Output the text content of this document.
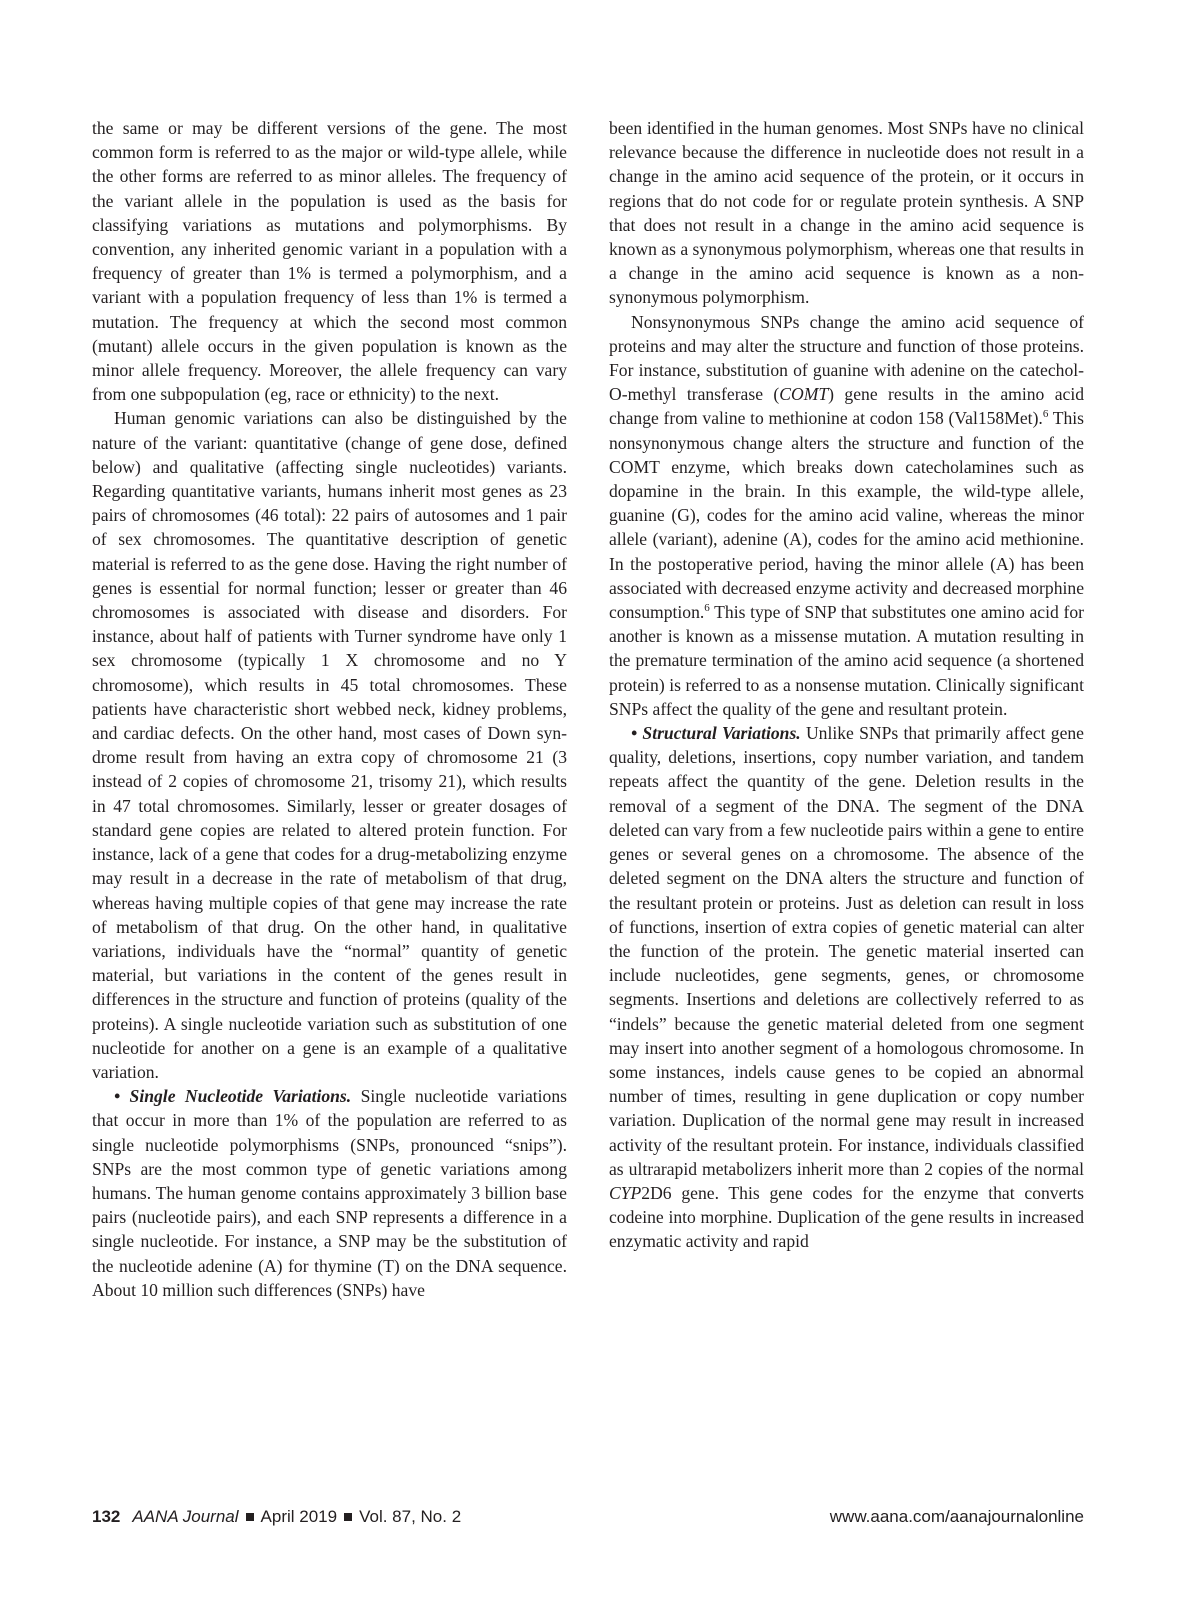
the same or may be different versions of the gene. The most common form is referred to as the major or wild-type allele, while the other forms are referred to as minor alleles. The frequency of the variant allele in the population is used as the basis for classifying variations as mutations and polymorphisms. By convention, any inherited genomic variant in a population with a frequency of greater than 1% is termed a polymorphism, and a variant with a population frequency of less than 1% is termed a mutation. The frequency at which the second most common (mutant) allele occurs in the given population is known as the minor allele frequency. Moreover, the allele frequency can vary from one subpopulation (eg, race or ethnicity) to the next.

Human genomic variations can also be distinguished by the nature of the variant: quantitative (change of gene dose, defined below) and qualitative (affecting single nucleotides) variants. Regarding quantitative variants, humans inherit most genes as 23 pairs of chromosomes (46 total): 22 pairs of autosomes and 1 pair of sex chromosomes. The quantitative description of genetic material is referred to as the gene dose. Having the right number of genes is essential for normal function; lesser or greater than 46 chromosomes is associated with disease and disorders. For instance, about half of patients with Turner syndrome have only 1 sex chromosome (typically 1 X chromosome and no Y chromosome), which results in 45 total chromosomes. These patients have characteristic short webbed neck, kidney problems, and cardiac defects. On the other hand, most cases of Down syndrome result from having an extra copy of chromosome 21 (3 instead of 2 copies of chromosome 21, trisomy 21), which results in 47 total chromosomes. Similarly, lesser or greater dosages of standard gene copies are related to altered protein function. For instance, lack of a gene that codes for a drug-metabolizing enzyme may result in a decrease in the rate of metabolism of that drug, whereas having multiple copies of that gene may increase the rate of metabolism of that drug. On the other hand, in qualitative variations, individuals have the “normal” quantity of genetic material, but variations in the content of the genes result in differences in the structure and function of proteins (quality of the proteins). A single nucleotide variation such as substitution of one nucleotide for another on a gene is an example of a qualitative variation.

• Single Nucleotide Variations. Single nucleotide variations that occur in more than 1% of the population are referred to as single nucleotide polymorphisms (SNPs, pronounced “snips”). SNPs are the most common type of genetic variations among humans. The human genome contains approximately 3 billion base pairs (nucleotide pairs), and each SNP represents a difference in a single nucleotide. For instance, a SNP may be the substitution of the nucleotide adenine (A) for thymine (T) on the DNA sequence. About 10 million such differences (SNPs) have

been identified in the human genomes. Most SNPs have no clinical relevance because the difference in nucleotide does not result in a change in the amino acid sequence of the protein, or it occurs in regions that do not code for or regulate protein synthesis. A SNP that does not result in a change in the amino acid sequence is known as a synonymous polymorphism, whereas one that results in a change in the amino acid sequence is known as a nonsynonymous polymorphism.

Nonsynonymous SNPs change the amino acid sequence of proteins and may alter the structure and function of those proteins. For instance, substitution of guanine with adenine on the catechol-O-methyl transferase (COMT) gene results in the amino acid change from valine to methionine at codon 158 (Val158Met).$^6$ This nonsynonymous change alters the structure and function of the COMT enzyme, which breaks down catecholamines such as dopamine in the brain. In this example, the wild-type allele, guanine (G), codes for the amino acid valine, whereas the minor allele (variant), adenine (A), codes for the amino acid methionine. In the postoperative period, having the minor allele (A) has been associated with decreased enzyme activity and decreased morphine consumption.$^6$ This type of SNP that substitutes one amino acid for another is known as a missense mutation. A mutation resulting in the premature termination of the amino acid sequence (a shortened protein) is referred to as a nonsense mutation. Clinically significant SNPs affect the quality of the gene and resultant protein.

• Structural Variations. Unlike SNPs that primarily affect gene quality, deletions, insertions, copy number variation, and tandem repeats affect the quantity of the gene. Deletion results in the removal of a segment of the DNA. The segment of the DNA deleted can vary from a few nucleotide pairs within a gene to entire genes or several genes on a chromosome. The absence of the deleted segment on the DNA alters the structure and function of the resultant protein or proteins. Just as deletion can result in loss of functions, insertion of extra copies of genetic material can alter the function of the protein. The genetic material inserted can include nucleotides, gene segments, genes, or chromosome segments. Insertions and deletions are collectively referred to as “indels” because the genetic material deleted from one segment may insert into another segment of a homologous chromosome. In some instances, indels cause genes to be copied an abnormal number of times, resulting in gene duplication or copy number variation. Duplication of the normal gene may result in increased activity of the resultant protein. For instance, individuals classified as ultrarapid metabolizers inherit more than 2 copies of the normal CYP2D6 gene. This gene codes for the enzyme that converts codeine into morphine. Duplication of the gene results in increased enzymatic activity and rapid

132 AANA Journal April 2019 Vol. 87, No. 2	www.aana.com/aanajournalonline
